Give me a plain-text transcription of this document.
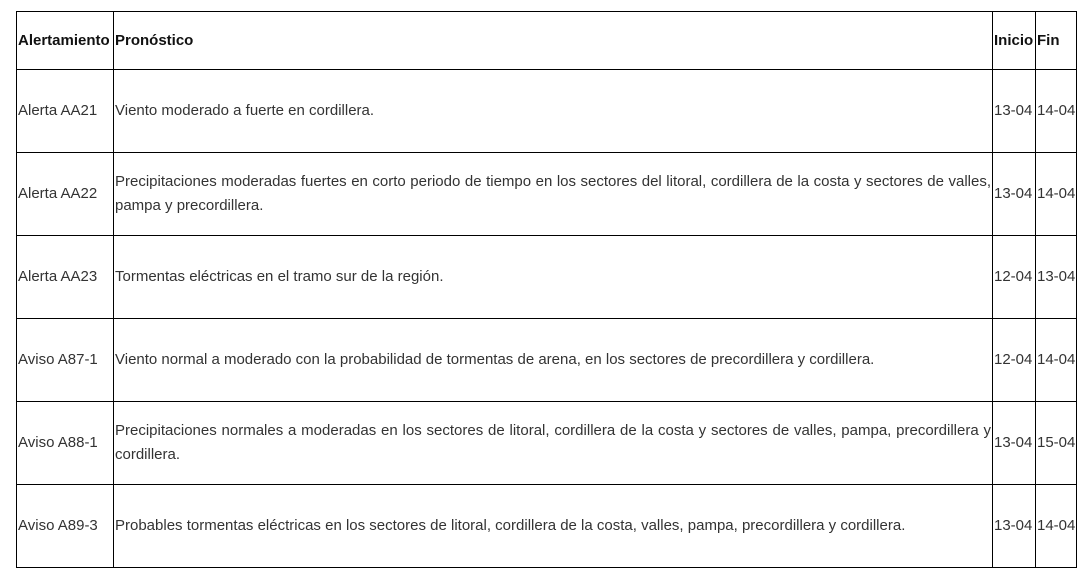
Alertamiento	Pronóstico	Inicio	Fin
Alerta AA21	Viento moderado a fuerte en cordillera.	13-04	14-04
Alerta AA22	Precipitaciones moderadas fuertes en corto periodo de tiempo en los sectores del litoral, cordillera de la costa y sectores de valles, pampa y precordillera.	13-04	14-04
Alerta AA23	Tormentas eléctricas en el tramo sur de la región.	12-04	13-04
Aviso A87-1	Viento normal a moderado con la probabilidad de tormentas de arena, en los sectores de precordillera y cordillera.	12-04	14-04
Aviso A88-1	Precipitaciones normales a moderadas en los sectores de litoral, cordillera de la costa y sectores de valles, pampa, precordillera y cordillera.	13-04	15-04
Aviso A89-3	Probables tormentas eléctricas en los sectores de litoral, cordillera de la costa, valles, pampa, precordillera y cordillera.	13-04	14-04
